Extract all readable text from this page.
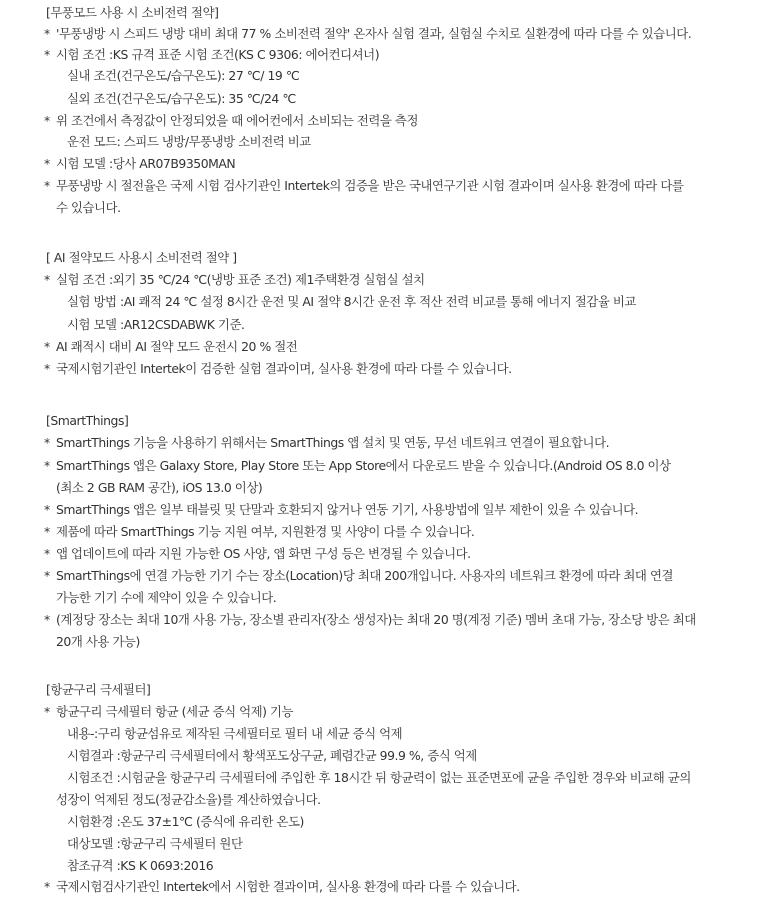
[무풍모드 사용 시 소비전력 절약]
* '무풍냉방 시 스피드 냉방 대비 최대 77 % 소비전력 절약' 온자사 실험 결과, 실험실 수치로 실환경에 따라 다를 수 있습니다.
* 시험 조건 :KS 규격 표준 시험 조건(KS C 9306: 에어컨디셔너)
실내 조건(건구온도/습구온도): 27 ℃/ 19 ℃
실외 조건(건구온도/습구온도): 35 ℃/24 ℃
* 위 조건에서 측정값이 안정되었을 때 에어컨에서 소비되는 전력을 측정
운전 모드: 스피드 냉방/무풍냉방 소비전력 비교
* 시험 모델 :당사 AR07B9350MAN
* 무풍냉방 시 절전율은 국제 시험 검사기관인 Intertek의 검증을 받은 국내연구기관 시험 결과이며 실사용 환경에 따라 다를
수 있습니다.
[ AI 절약모드 사용시 소비전력 절약 ]
* 실험 조건 :외기 35 ℃/24 ℃(냉방 표준 조건) 제1주택환경 실험실 설치
실험 방법 :AI 쾌적 24 ℃ 설정 8시간 운전 및 AI 절약 8시간 운전 후 적산 전력 비교를 통해 에너지 절감율 비교
시험 모델 :AR12CSDABWK 기준.
* AI 쾌적시 대비 AI 절약 모드 운전시 20 % 절전
* 국제시험기관인 Intertek이 검증한 실험 결과이며, 실사용 환경에 따라 다를 수 있습니다.
[SmartThings]
* SmartThings 기능을 사용하기 위해서는 SmartThings 앱 설치 및 연동, 무선 네트워크 연결이 필요합니다.
* SmartThings 앱은 Galaxy Store, Play Store 또는 App Store에서 다운로드 받을 수 있습니다.(Android OS 8.0 이상
(최소 2 GB RAM 공간), iOS 13.0 이상)
* SmartThings 앱은 일부 태블릿 및 단말과 호환되지 않거나 연동 기기, 사용방법에 일부 제한이 있을 수 있습니다.
* 제품에 따라 SmartThings 기능 지원 여부, 지원환경 및 사양이 다를 수 있습니다.
* 앱 업데이트에 따라 지원 가능한 OS 사양, 앱 화면 구성 등은 변경될 수 있습니다.
* SmartThings에 연결 가능한 기기 수는 장소(Location)당 최대 200개입니다. 사용자의 네트워크 환경에 따라 최대 연결
가능한 기기 수에 제약이 있을 수 있습니다.
* (계정당 장소는 최대 10개 사용 가능, 장소별 관리자(장소 생성자)는 최대 20 명(계정 기준) 멤버 초대 가능, 장소당 방은 최대
20개 사용 가능)
[항균구리 극세필터]
* 항균구리 극세필터 항균 (세균 증식 억제) 기능
내용-:구리 항균섬유로 제작된 극세필터로 필터 내 세균 증식 억제
시험결과 :항균구리 극세필터에서 황색포도상구균, 폐렴간균 99.9 %, 증식 억제
시험조건 :시험균을 항균구리 극세필터에 주입한 후 18시간 뒤 항균력이 없는 표준면포에 균을 주입한 경우와 비교해 균의
성장이 억제된 정도(정균감소율)를 계산하였습니다.
시험환경 :온도 37±1℃ (증식에 유리한 온도)
대상모델 :항균구리 극세필터 원단
참조규격 :KS K 0693:2016
* 국제시험검사기관인 Intertek에서 시험한 결과이며, 실사용 환경에 따라 다를 수 있습니다.
